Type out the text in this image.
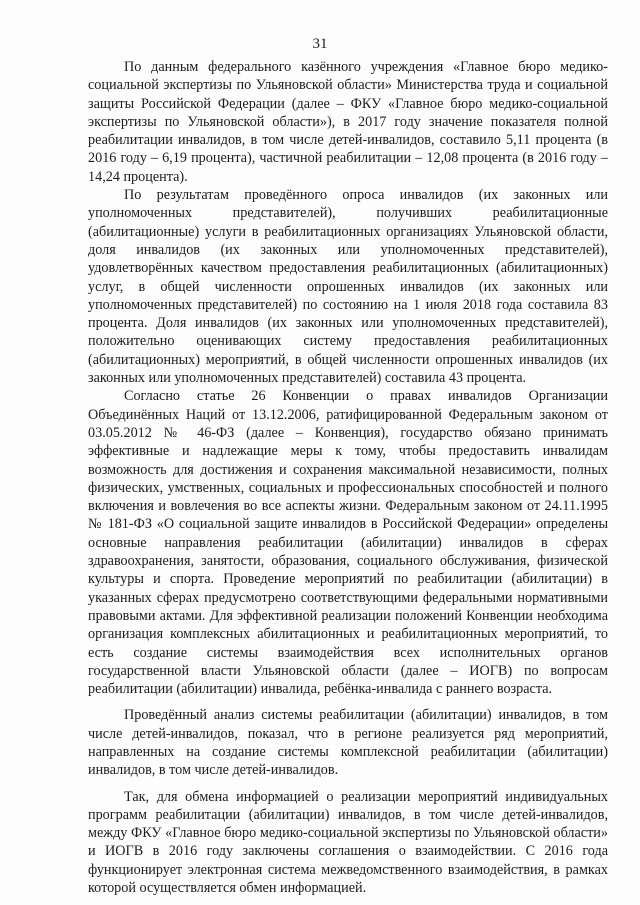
31

По данным федерального казённого учреждения «Главное бюро медико-социальной экспертизы по Ульяновской области» Министерства труда и социальной защиты Российской Федерации (далее – ФКУ «Главное бюро медико-социальной экспертизы по Ульяновской области»), в 2017 году значение показателя полной реабилитации инвалидов, в том числе детей-инвалидов, составило 5,11 процента (в 2016 году – 6,19 процента), частичной реабилитации – 12,08 процента (в 2016 году – 14,24 процента).

По результатам проведённого опроса инвалидов (их законных или уполномоченных представителей), получивших реабилитационные (абилитационные) услуги в реабилитационных организациях Ульяновской области, доля инвалидов (их законных или уполномоченных представителей), удовлетворённых качеством предоставления реабилитационных (абилитационных) услуг, в общей численности опрошенных инвалидов (их законных или уполномоченных представителей) по состоянию на 1 июля 2018 года составила 83 процента. Доля инвалидов (их законных или уполномоченных представителей), положительно оценивающих систему предоставления реабилитационных (абилитационных) мероприятий, в общей численности опрошенных инвалидов (их законных или уполномоченных представителей) составила 43 процента.

Согласно статье 26 Конвенции о правах инвалидов Организации Объединённых Наций от 13.12.2006, ратифицированной Федеральным законом от 03.05.2012 № 46-ФЗ (далее – Конвенция), государство обязано принимать эффективные и надлежащие меры к тому, чтобы предоставить инвалидам возможность для достижения и сохранения максимальной независимости, полных физических, умственных, социальных и профессиональных способностей и полного включения и вовлечения во все аспекты жизни. Федеральным законом от 24.11.1995 № 181-ФЗ «О социальной защите инвалидов в Российской Федерации» определены основные направления реабилитации (абилитации) инвалидов в сферах здравоохранения, занятости, образования, социального обслуживания, физической культуры и спорта. Проведение мероприятий по реабилитации (абилитации) в указанных сферах предусмотрено соответствующими федеральными нормативными правовыми актами. Для эффективной реализации положений Конвенции необходима организация комплексных абилитационных и реабилитационных мероприятий, то есть создание системы взаимодействия всех исполнительных органов государственной власти Ульяновской области (далее – ИОГВ) по вопросам реабилитации (абилитации) инвалида, ребёнка-инвалида с раннего возраста.

Проведённый анализ системы реабилитации (абилитации) инвалидов, в том числе детей-инвалидов, показал, что в регионе реализуется ряд мероприятий, направленных на создание системы комплексной реабилитации (абилитации) инвалидов, в том числе детей-инвалидов.

Так, для обмена информацией о реализации мероприятий индивидуальных программ реабилитации (абилитации) инвалидов, в том числе детей-инвалидов, между ФКУ «Главное бюро медико-социальной экспертизы по Ульяновской области» и ИОГВ в 2016 году заключены соглашения о взаимодействии. С 2016 года функционирует электронная система межведомственного взаимодействия, в рамках которой осуществляется обмен информацией.
